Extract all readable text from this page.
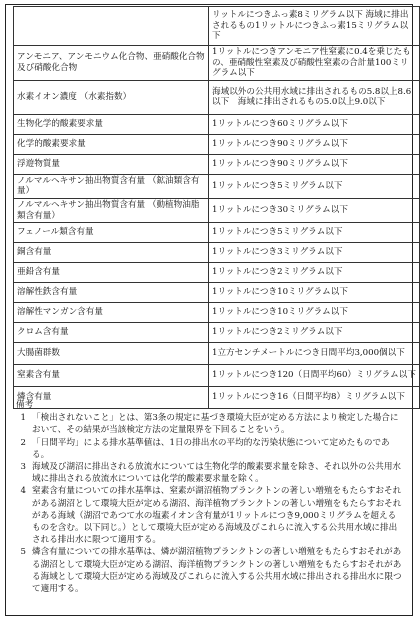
	リットルにつきふっ素8ミリグラム以下 海域に排出されるもの1リットルにつきふっ素15ミリグラム以下
アンモニア、アンモニウム化合物、亜硝酸化合物及び硝酸化合物	1リットルにつきアンモニア性窒素に0.4を乗じたもの、亜硝酸性窒素及び硝酸性窒素の合計量100ミリグラム以下
水素イオン濃度 （水素指数）	海域以外の公共用水域に排出されるもの5.8以上8.6以下　海域に排出されるもの5.0以上9.0以下
生物化学的酸素要求量	1リットルにつき60ミリグラム以下
化学的酸素要求量	1リットルにつき90ミリグラム以下
浮遊物質量	1リットルにつき90ミリグラム以下
ノルマルヘキサン抽出物質含有量 （鉱油類含有量）	1リットルにつき5ミリグラム以下
ノルマルヘキサン抽出物質含有量 （動植物油脂類含有量）	1リットルにつき30ミリグラム以下
フェノール類含有量	1リットルにつき5ミリグラム以下
銅含有量	1リットルにつき3ミリグラム以下
亜鉛含有量	1リットルにつき2ミリグラム以下
溶解性鉄含有量	1リットルにつき10ミリグラム以下
溶解性マンガン含有量	1リットルにつき10ミリグラム以下
クロム含有量	1リットルにつき2ミリグラム以下
大腸菌群数	1立方センチメートルにつき日間平均3,000個以下
窒素含有量	1リットルにつき120（日間平均60）ミリグラム以下
燐含有量	1リットルにつき16（日間平均8）ミリグラム以下
備考
1 「検出されないこと」とは、第3条の規定に基づき環境大臣が定める方法により検定した場合において、その結果が当該検定方法の定量限界を下回ることをいう。
2 「日間平均」による排水基準値は、1日の排出水の平均的な汚染状態について定めたものである。
3 海域及び湖沼に排出される放流水については生物化学的酸素要求量を除き、それ以外の公共用水域に排出される放流水については化学的酸素要求量を除く。
4 窒素含有量についての排水基準は、窒素が湖沼植物プランクトンの著しい増殖をもたらすおそれがある湖沼として環境大臣が定める湖沼、海洋植物プランクトンの著しい増殖をもたらすおそれがある海域（湖沼であつて水の塩素イオン含有量が1リットルにつき9,000ミリグラムを超えるものを含む。以下同じ。）として環境大臣が定める海域及びこれらに流入する公共用水域に排出される排出水に限つて適用する。
5 燐含有量についての排水基準は、燐が湖沼植物プランクトンの著しい増殖をもたらすおそれがある湖沼として環境大臣が定める湖沼、海洋植物プランクトンの著しい増殖をもたらすおそれがある海域として環境大臣が定める海域及びこれらに流入する公共用水域に排出される排出水に限つて適用する。
